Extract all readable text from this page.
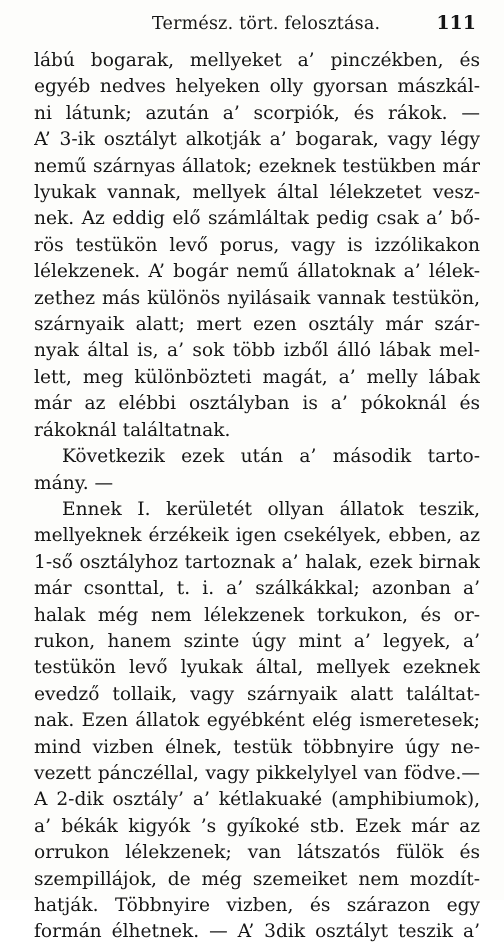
Termész. tört. felosztása.	111
lábú bogarak, mellyeket a’ pinczékben, és
egyéb nedves helyeken olly gyorsan mászkál-
ni látunk; azután a’ scorpiók, és rákok. —
A’ 3-ik osztályt alkotják a’ bogarak, vagy légy
nemű szárnyas állatok; ezeknek testükben már
lyukak vannak, mellyek által lélekzetet vesz-
nek. Az eddig elő számláltak pedig csak a’ bő-
rös testükön levő porus, vagy is izzólikakon
lélekzenek. A’ bogár nemű állatoknak a’ lélek-
zethez más különös nyilásaik vannak testükön,
szárnyaik alatt; mert ezen osztály már szár-
nyak által is, a’ sok több izből álló lábak mel-
lett, meg különbözteti magát, a’ melly lábak
már az elébbi osztályban is a’ pókoknál és
rákoknál találtatnak.
Következik ezek után a’ második tarto-
mány. —
Ennek I. kerületét ollyan állatok teszik,
mellyeknek érzékeik igen csekélyek, ebben, az
1-ső osztályhoz tartoznak a’ halak, ezek birnak
már csonttal, t. i. a’ szálkákkal; azonban a’
halak még nem lélekzenek torkukon, és or-
rukon, hanem szinte úgy mint a’ legyek, a’
testükön levő lyukak által, mellyek ezeknek
evedző tollaik, vagy szárnyaik alatt találtat-
nak. Ezen állatok egyébként elég ismeretesek;
mind vizben élnek, testük többnyire úgy ne-
vezett pánczéllal, vagy pikkelylyel van födve.—
A 2-dik osztály’ a’ kétlakuaké (amphibiumok),
a’ békák kigyók ’s gyíkoké stb. Ezek már az
orrukon lélekzenek; van látszatós fülök és
szempillájok, de még szemeiket nem mozdít-
hatják. Többnyire vizben, és szárazon egy
formán élhetnek. — A’ 3dik osztályt teszik a’
